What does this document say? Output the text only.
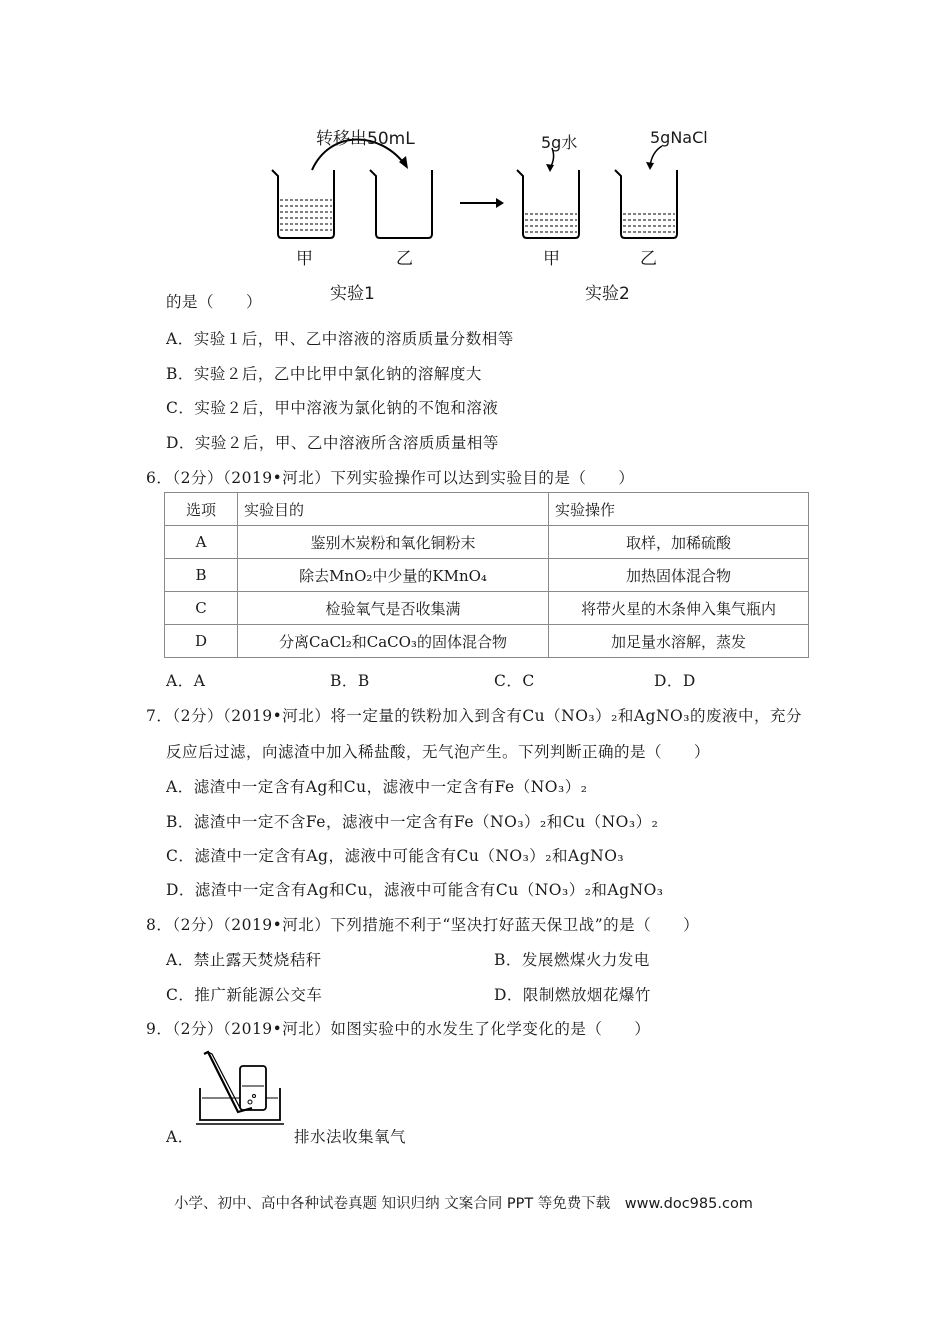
转移出50mL	5g水	5gNaCl
甲	乙	甲	乙
实验1	实验2
的是（　　）
A．实验１后，甲、乙中溶液的溶质质量分数相等
B．实验２后，乙中比甲中氯化钠的溶解度大
C．实验２后，甲中溶液为氯化钠的不饱和溶液
D．实验２后，甲、乙中溶液所含溶质质量相等
6．（2分）（2019•河北）下列实验操作可以达到实验目的是（　　）
选项	实验目的	实验操作
A	鉴别木炭粉和氧化铜粉末	取样，加稀硫酸
B	除去MnO₂中少量的KMnO₄	加热固体混合物
C	检验氧气是否收集满	将带火星的木条伸入集气瓶内
D	分离CaCl₂和CaCO₃的固体混合物	加足量水溶解，蒸发
A．A	B．B	C．C	D．D
7．（2分）（2019•河北）将一定量的铁粉加入到含有Cu（NO₃）₂和AgNO₃的废液中，充分
反应后过滤，向滤渣中加入稀盐酸，无气泡产生。下列判断正确的是（　　）
A．滤渣中一定含有Ag和Cu，滤液中一定含有Fe（NO₃）₂
B．滤渣中一定不含Fe，滤液中一定含有Fe（NO₃）₂和Cu（NO₃）₂
C．滤渣中一定含有Ag，滤液中可能含有Cu（NO₃）₂和AgNO₃
D．滤渣中一定含有Ag和Cu，滤液中可能含有Cu（NO₃）₂和AgNO₃
8．（2分）（2019•河北）下列措施不利于“坚决打好蓝天保卫战”的是（　　）
A．禁止露天焚烧秸秆	B．发展燃煤火力发电
C．推广新能源公交车	D．限制燃放烟花爆竹
9．（2分）（2019•河北）如图实验中的水发生了化学变化的是（　　）
A．	排水法收集氧气
小学、初中、高中各种试卷真题 知识归纳 文案合同 PPT 等免费下载　www.doc985.com
